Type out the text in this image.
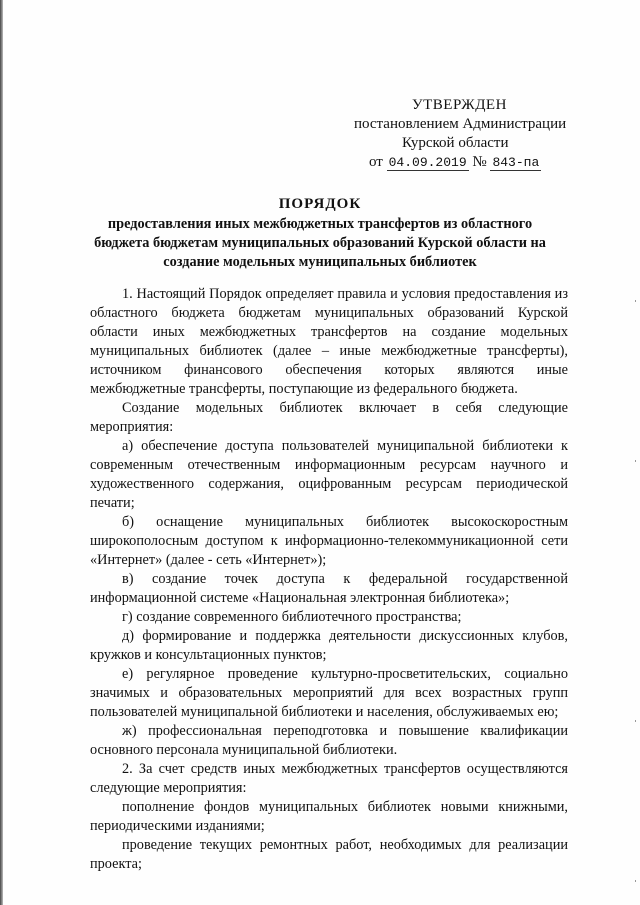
УТВЕРЖДЕН
постановлением Администрации
Курской области
от 04.09.2019 № 843-па
ПОРЯДОК
предоставления иных межбюджетных трансфертов из областного бюджета бюджетам муниципальных образований Курской области на создание модельных муниципальных библиотек

1. Настоящий Порядок определяет правила и условия предоставления из областного бюджета бюджетам муниципальных образований Курской области иных межбюджетных трансфертов на создание модельных муниципальных библиотек (далее – иные межбюджетные трансферты), источником финансового обеспечения которых являются иные межбюджетные трансферты, поступающие из федерального бюджета.

Создание модельных библиотек включает в себя следующие мероприятия:

а) обеспечение доступа пользователей муниципальной библиотеки к современным отечественным информационным ресурсам научного и художественного содержания, оцифрованным ресурсам периодической печати;

б) оснащение муниципальных библиотек высокоскоростным широкополосным доступом к информационно-телекоммуникационной сети «Интернет» (далее - сеть «Интернет»);

в) создание точек доступа к федеральной государственной информационной системе «Национальная электронная библиотека»;

г) создание современного библиотечного пространства;

д) формирование и поддержка деятельности дискуссионных клубов, кружков и консультационных пунктов;

е) регулярное проведение культурно-просветительских, социально значимых и образовательных мероприятий для всех возрастных групп пользователей муниципальной библиотеки и населения, обслуживаемых ею;

ж) профессиональная переподготовка и повышение квалификации основного персонала муниципальной библиотеки.

2. За счет средств иных межбюджетных трансфертов осуществляются следующие мероприятия:

пополнение фондов муниципальных библиотек новыми книжными, периодическими изданиями;

проведение текущих ремонтных работ, необходимых для реализации проекта;
